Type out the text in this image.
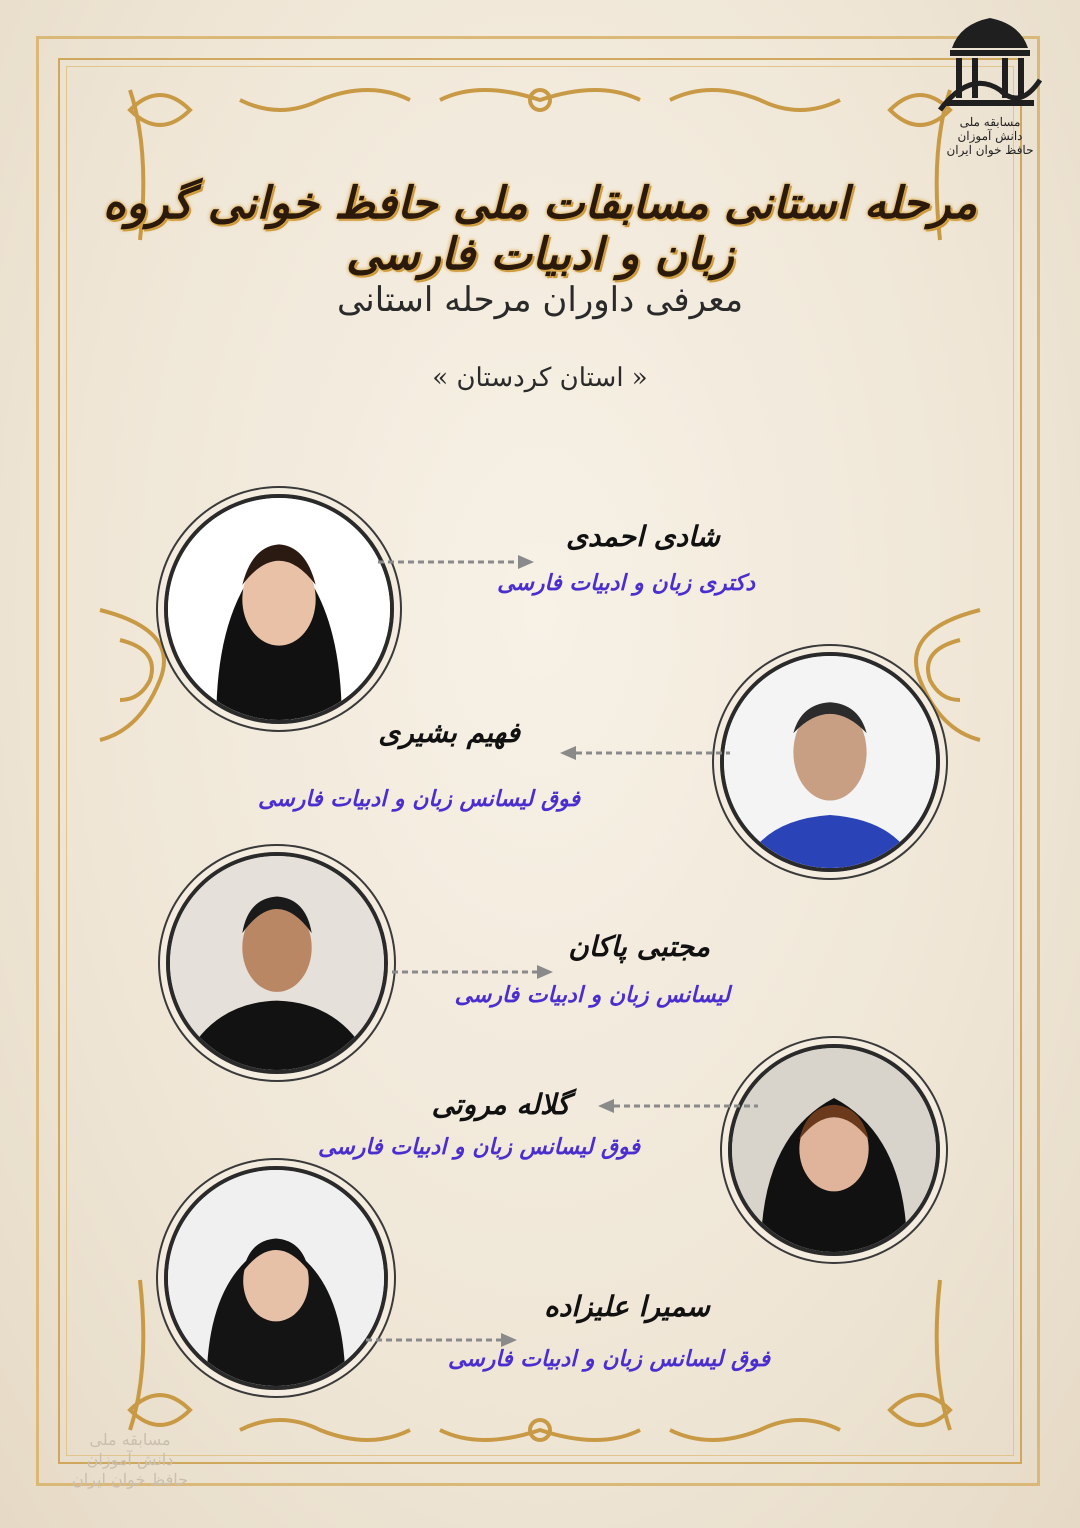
مسابقه ملی
دانش آموزان
حافظ خوان ایران
مرحله استانی مسابقات ملی حافظ خوانی گروه زبان و ادبیات فارسی
معرفی داوران مرحله استانی
« استان کردستان »
شادی احمدی
دکتری زبان و ادبیات فارسی
فهیم بشیری
فوق لیسانس زبان و ادبیات فارسی
مجتبی پاکان
لیسانس زبان و ادبیات فارسی
گلاله مروتی
فوق لیسانس زبان و ادبیات فارسی
سمیرا علیزاده
فوق لیسانس زبان و ادبیات فارسی
مسابقه ملی
دانش آموزان
حافظ خوان ایران
